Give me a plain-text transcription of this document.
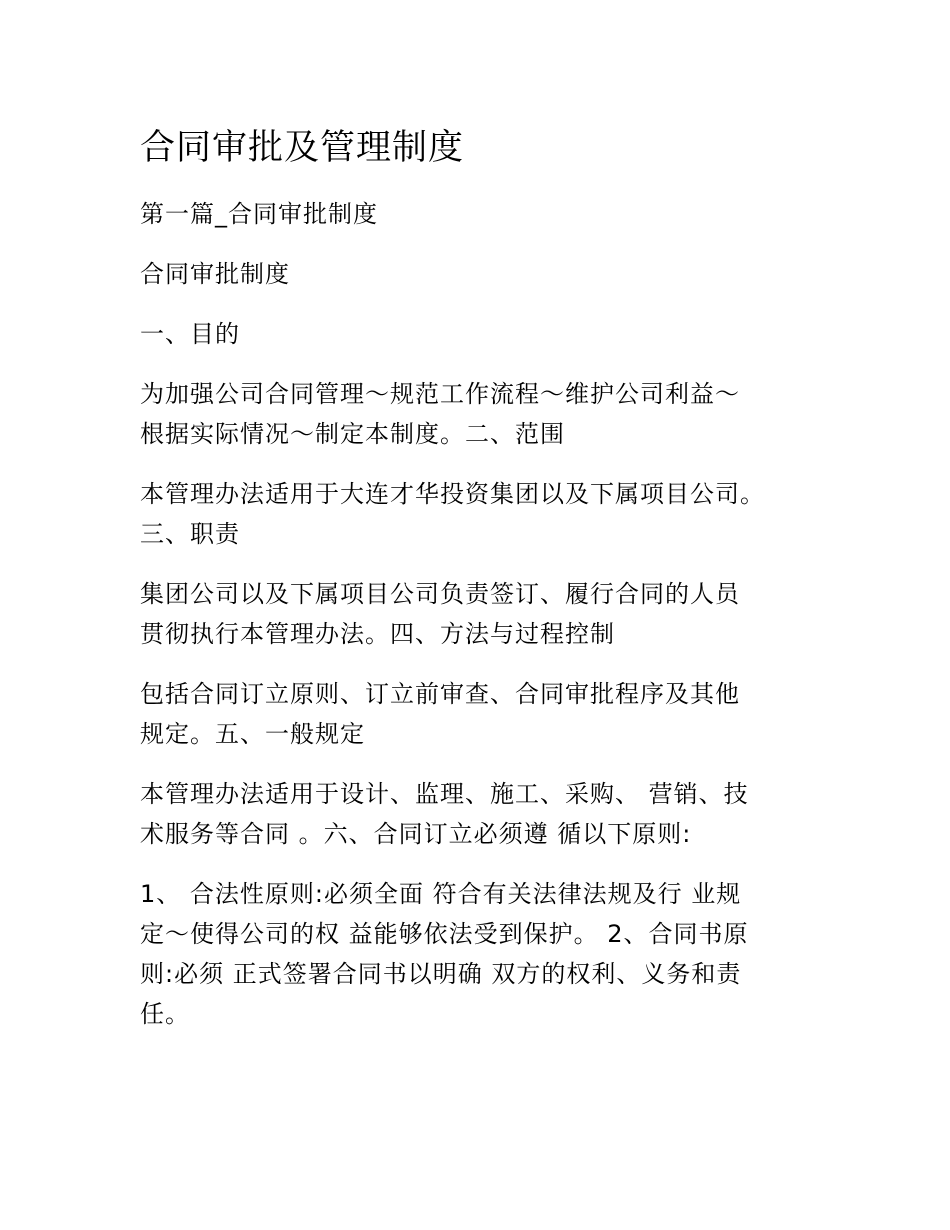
合同审批及管理制度

第一篇_合同审批制度

合同审批制度

一、目的

为加强公司合同管理～规范工作流程～维护公司利益～
根据实际情况～制定本制度。二、范围

本管理办法适用于大连才华投资集团以及下属项目公司。
三、职责

集团公司以及下属项目公司负责签订、履行合同的人员
贯彻执行本管理办法。四、方法与过程控制

包括合同订立原则、订立前审查、合同审批程序及其他
规定。五、一般规定

本管理办法适用于设计、监理、施工、采购、 营销、技
术服务等合同 。六、合同订立必须遵 循以下原则:

1、 合法性原则:必须全面 符合有关法律法规及行 业规
定～使得公司的权 益能够依法受到保护。 2、合同书原
则:必须 正式签署合同书以明确 双方的权利、义务和责
任。
